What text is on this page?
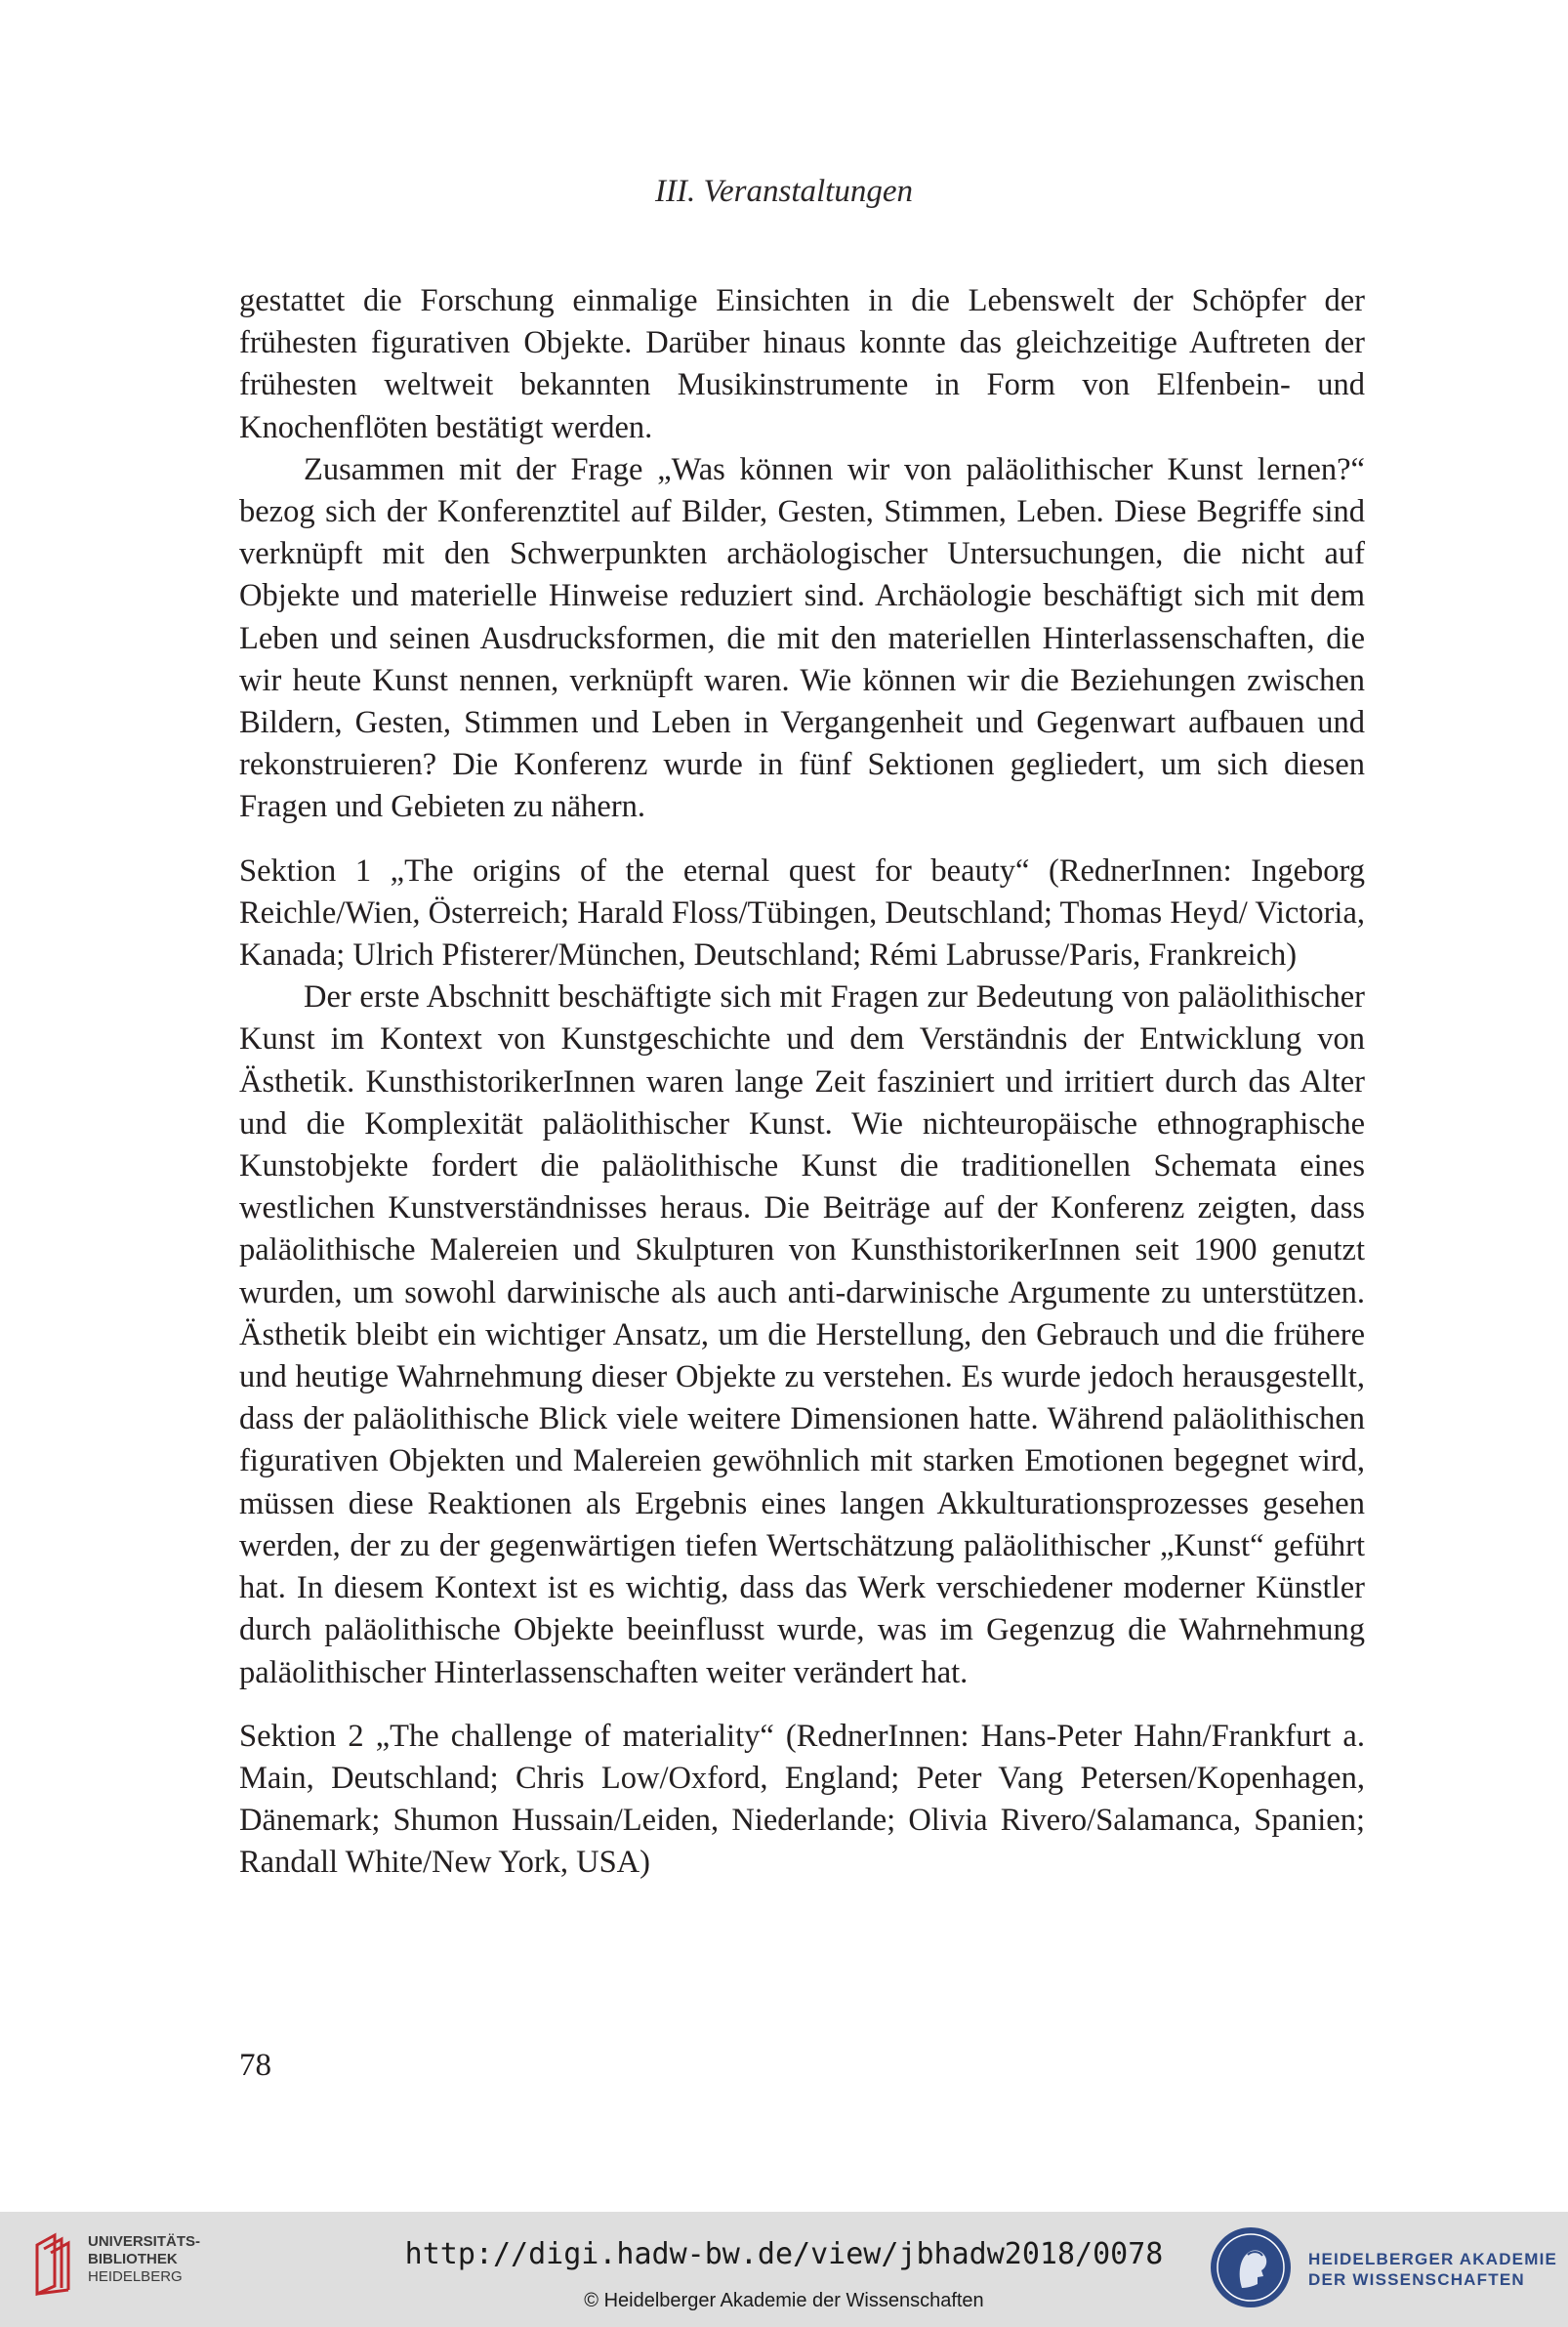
III. Veranstaltungen

gestattet die Forschung einmalige Einsichten in die Lebenswelt der Schöpfer der frühesten figurativen Objekte. Darüber hinaus konnte das gleichzeitige Auftreten der frühesten weltweit bekannten Musikinstrumente in Form von Elfenbein- und Knochenflöten bestätigt werden.

Zusammen mit der Frage „Was können wir von paläolithischer Kunst lernen?“ bezog sich der Konferenztitel auf Bilder, Gesten, Stimmen, Leben. Diese Begriffe sind verknüpft mit den Schwerpunkten archäologischer Untersuchungen, die nicht auf Objekte und materielle Hinweise reduziert sind. Archäologie beschäftigt sich mit dem Leben und seinen Ausdrucksformen, die mit den materiellen Hinterlassenschaften, die wir heute Kunst nennen, verknüpft waren. Wie können wir die Beziehungen zwischen Bildern, Gesten, Stimmen und Leben in Vergangenheit und Gegenwart aufbauen und rekonstruieren? Die Konferenz wurde in fünf Sektionen gegliedert, um sich diesen Fragen und Gebieten zu nähern.

Sektion 1 „The origins of the eternal quest for beauty“ (RednerInnen: Ingeborg Reichle/Wien, Österreich; Harald Floss/Tübingen, Deutschland; Thomas Heyd/ Victoria, Kanada; Ulrich Pfisterer/München, Deutschland; Rémi Labrusse/Paris, Frankreich)

Der erste Abschnitt beschäftigte sich mit Fragen zur Bedeutung von paläolithischer Kunst im Kontext von Kunstgeschichte und dem Verständnis der Entwicklung von Ästhetik. KunsthistorikerInnen waren lange Zeit fasziniert und irritiert durch das Alter und die Komplexität paläolithischer Kunst. Wie nichteuropäische ethnographische Kunstobjekte fordert die paläolithische Kunst die traditionellen Schemata eines westlichen Kunstverständnisses heraus. Die Beiträge auf der Konferenz zeigten, dass paläolithische Malereien und Skulpturen von KunsthistorikerInnen seit 1900 genutzt wurden, um sowohl darwinische als auch anti-darwinische Argumente zu unterstützen. Ästhetik bleibt ein wichtiger Ansatz, um die Herstellung, den Gebrauch und die frühere und heutige Wahrnehmung dieser Objekte zu verstehen. Es wurde jedoch herausgestellt, dass der paläolithische Blick viele weitere Dimensionen hatte. Während paläolithischen figurativen Objekten und Malereien gewöhnlich mit starken Emotionen begegnet wird, müssen diese Reaktionen als Ergebnis eines langen Akkulturationsprozesses gesehen werden, der zu der gegenwärtigen tiefen Wertschätzung paläolithischer „Kunst“ geführt hat. In diesem Kontext ist es wichtig, dass das Werk verschiedener moderner Künstler durch paläolithische Objekte beeinflusst wurde, was im Gegenzug die Wahrnehmung paläolithischer Hinterlassenschaften weiter verändert hat.

Sektion 2 „The challenge of materiality“ (RednerInnen: Hans-Peter Hahn/Frankfurt a. Main, Deutschland; Chris Low/Oxford, England; Peter Vang Petersen/Kopenhagen, Dänemark; Shumon Hussain/Leiden, Niederlande; Olivia Rivero/Salamanca, Spanien; Randall White/New York, USA)

78
UNIVERSITÄTS-
BIBLIOTHEK
HEIDELBERG
http://digi.hadw-bw.de/view/jbhadw2018/0078
© Heidelberger Akademie der Wissenschaften
HEIDELBERGER AKADEMIE
DER WISSENSCHAFTEN
